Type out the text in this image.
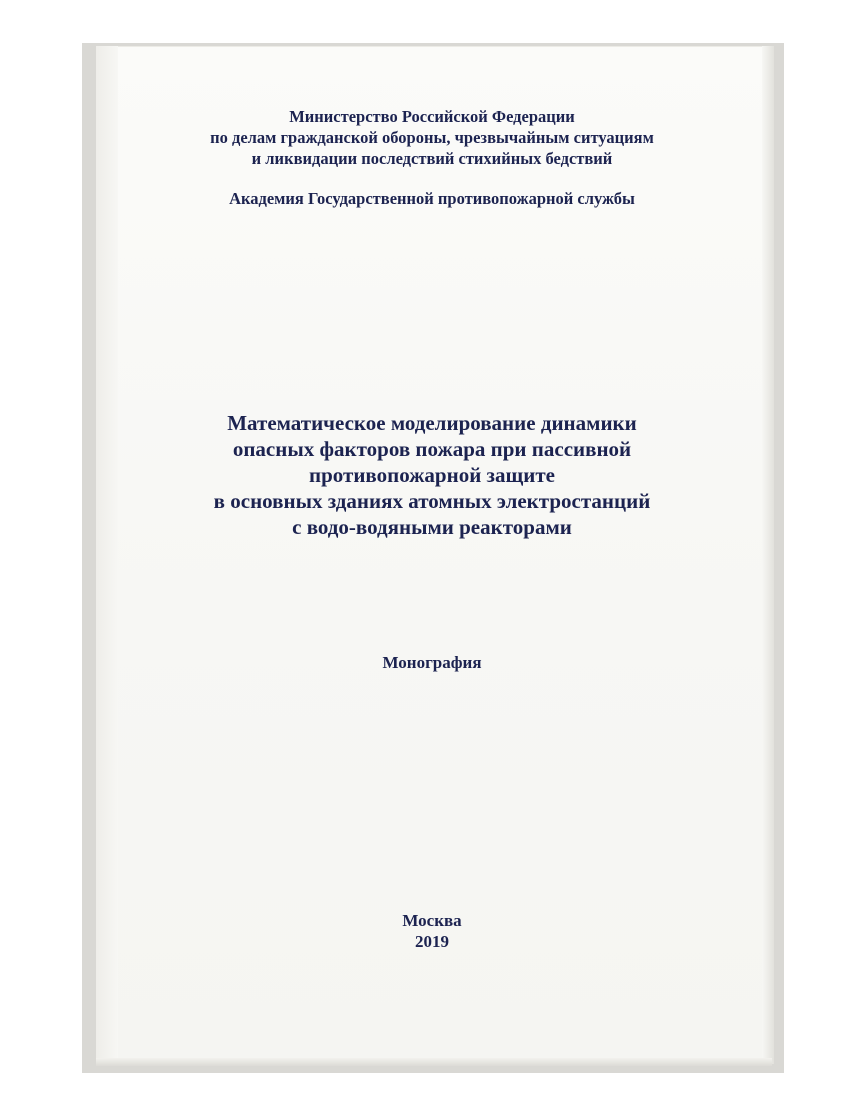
Министерство Российской Федерации
по делам гражданской обороны, чрезвычайным ситуациям
и ликвидации последствий стихийных бедствий
Академия Государственной противопожарной службы
Математическое моделирование динамики
опасных факторов пожара при пассивной
противопожарной защите
в основных зданиях атомных электростанций
с водо-водяными реакторами
Монография
Москва
2019
